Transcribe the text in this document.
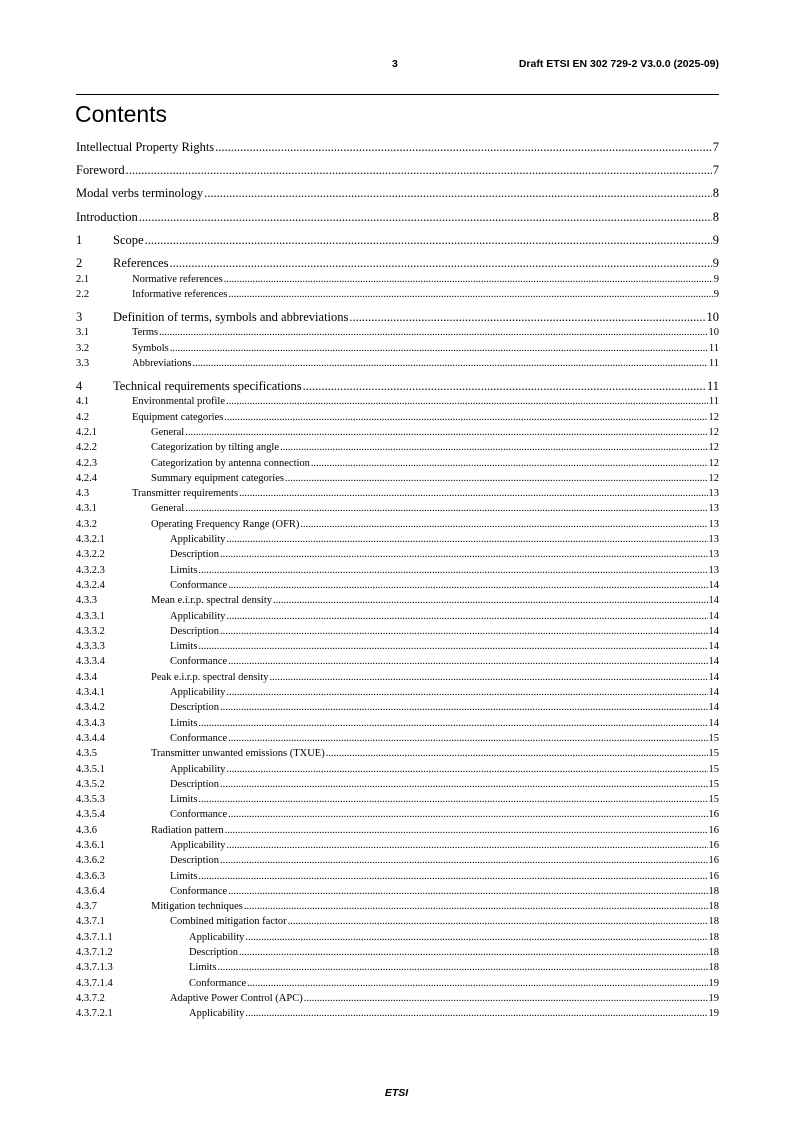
3	Draft ETSI EN 302 729-2 V3.0.0 (2025-09)
Contents
Intellectual Property Rights .....	7
Foreword .....	7
Modal verbs terminology .....	8
Introduction .....	8
1	Scope .....	9
2	References .....	9
2.1	Normative references .....	9
2.2	Informative references .....	9
3	Definition of terms, symbols and abbreviations .....	10
3.1	Terms .....	10
3.2	Symbols .....	11
3.3	Abbreviations .....	11
4	Technical requirements specifications .....	11
4.1	Environmental profile .....	11
4.2	Equipment categories .....	12
4.2.1	General .....	12
4.2.2	Categorization by tilting angle .....	12
4.2.3	Categorization by antenna connection .....	12
4.2.4	Summary equipment categories .....	12
4.3	Transmitter requirements .....	13
4.3.1	General .....	13
4.3.2	Operating Frequency Range (OFR) .....	13
4.3.2.1	Applicability .....	13
4.3.2.2	Description .....	13
4.3.2.3	Limits .....	13
4.3.2.4	Conformance .....	14
4.3.3	Mean e.i.r.p. spectral density .....	14
4.3.3.1	Applicability .....	14
4.3.3.2	Description .....	14
4.3.3.3	Limits .....	14
4.3.3.4	Conformance .....	14
4.3.4	Peak e.i.r.p. spectral density .....	14
4.3.4.1	Applicability .....	14
4.3.4.2	Description .....	14
4.3.4.3	Limits .....	14
4.3.4.4	Conformance .....	15
4.3.5	Transmitter unwanted emissions (TXUE) .....	15
4.3.5.1	Applicability .....	15
4.3.5.2	Description .....	15
4.3.5.3	Limits .....	15
4.3.5.4	Conformance .....	16
4.3.6	Radiation pattern .....	16
4.3.6.1	Applicability .....	16
4.3.6.2	Description .....	16
4.3.6.3	Limits .....	16
4.3.6.4	Conformance .....	18
4.3.7	Mitigation techniques .....	18
4.3.7.1	Combined mitigation factor .....	18
4.3.7.1.1	Applicability .....	18
4.3.7.1.2	Description .....	18
4.3.7.1.3	Limits .....	18
4.3.7.1.4	Conformance .....	19
4.3.7.2	Adaptive Power Control (APC) .....	19
4.3.7.2.1	Applicability .....	19
ETSI
